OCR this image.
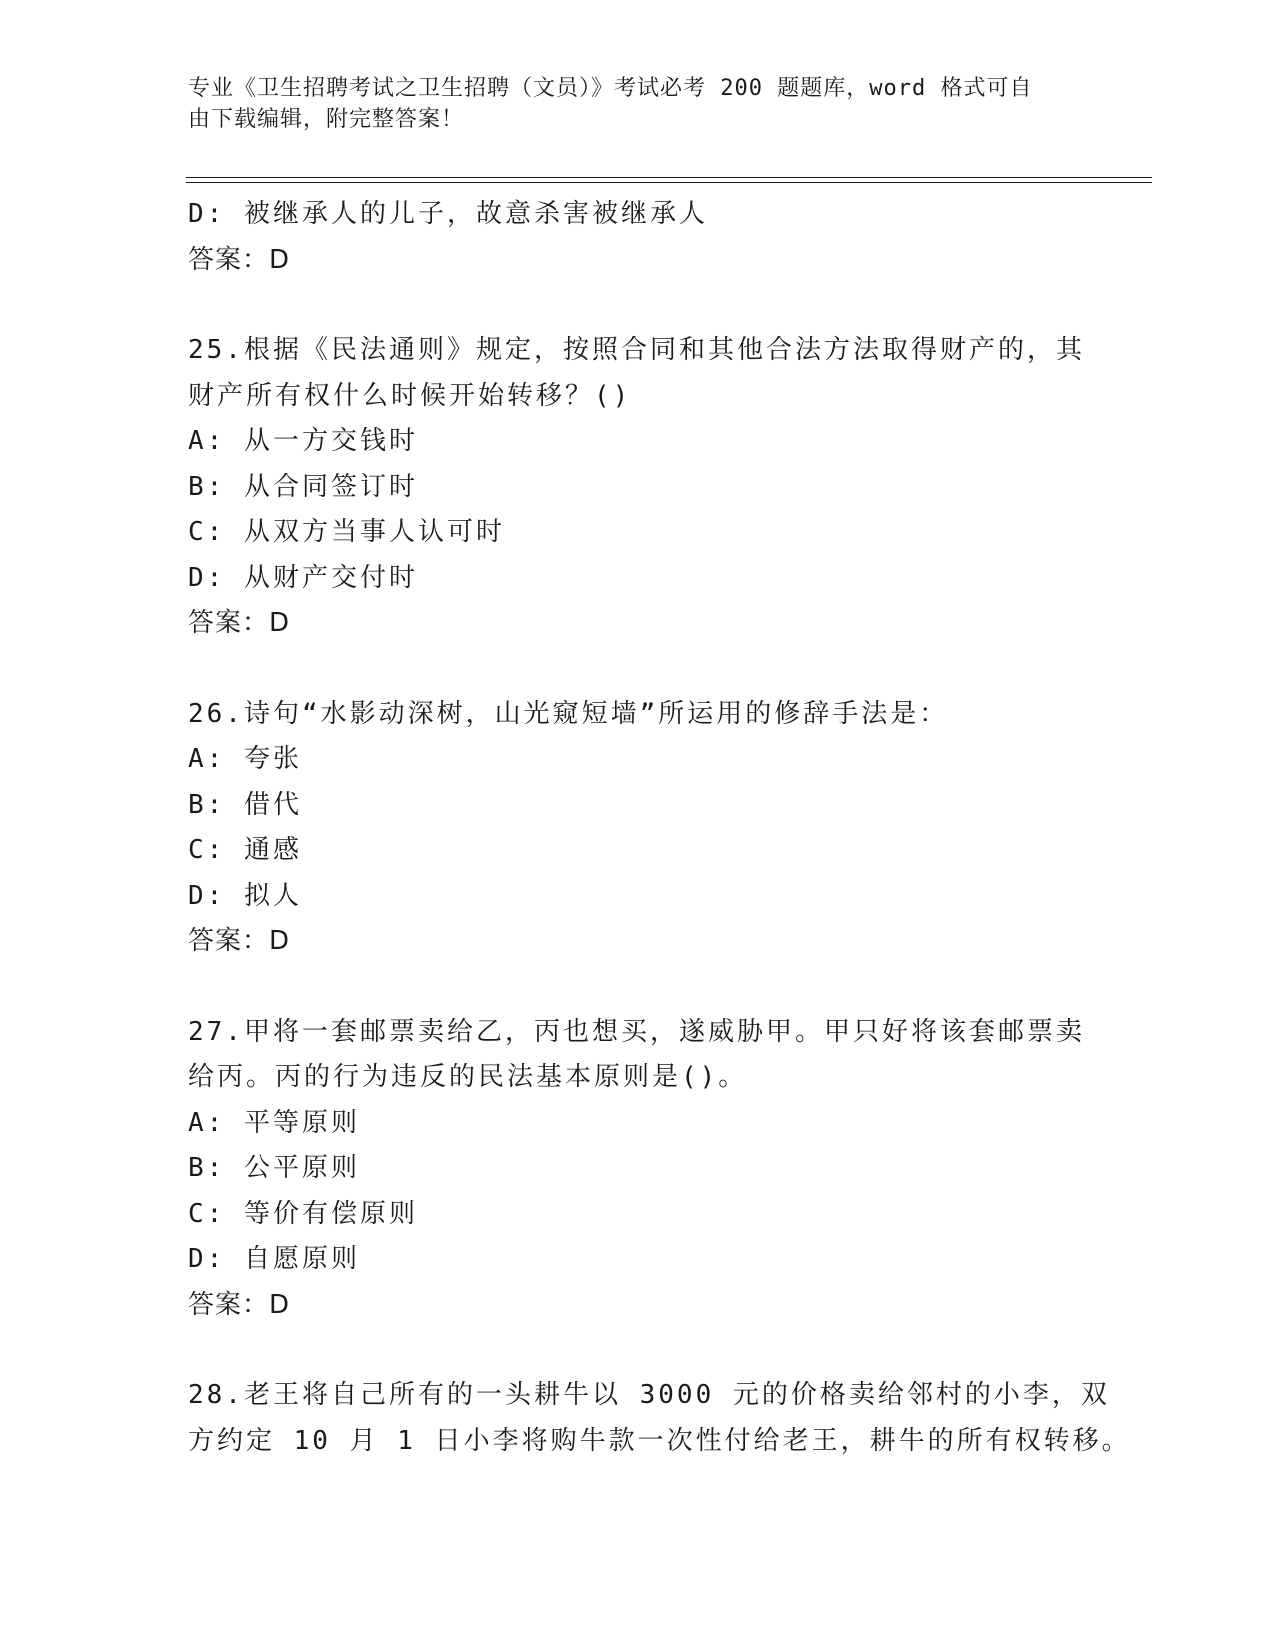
专业《卫生招聘考试之卫生招聘（文员）》考试必考 200 题题库，word 格式可自
由下载编辑，附完整答案！
D: 被继承人的儿子，故意杀害被继承人
答案：D
25.根据《民法通则》规定，按照合同和其他合法方法取得财产的，其
财产所有权什么时候开始转移？()
A: 从一方交钱时
B: 从合同签订时
C: 从双方当事人认可时
D: 从财产交付时
答案：D
26.诗句“水影动深树，山光窥短墙”所运用的修辞手法是：
A: 夸张
B: 借代
C: 通感
D: 拟人
答案：D
27.甲将一套邮票卖给乙，丙也想买，遂威胁甲。甲只好将该套邮票卖
给丙。丙的行为违反的民法基本原则是()。
A: 平等原则
B: 公平原则
C: 等价有偿原则
D: 自愿原则
答案：D
28.老王将自己所有的一头耕牛以 3000 元的价格卖给邻村的小李，双
方约定 10 月 1 日小李将购牛款一次性付给老王，耕牛的所有权转移。
